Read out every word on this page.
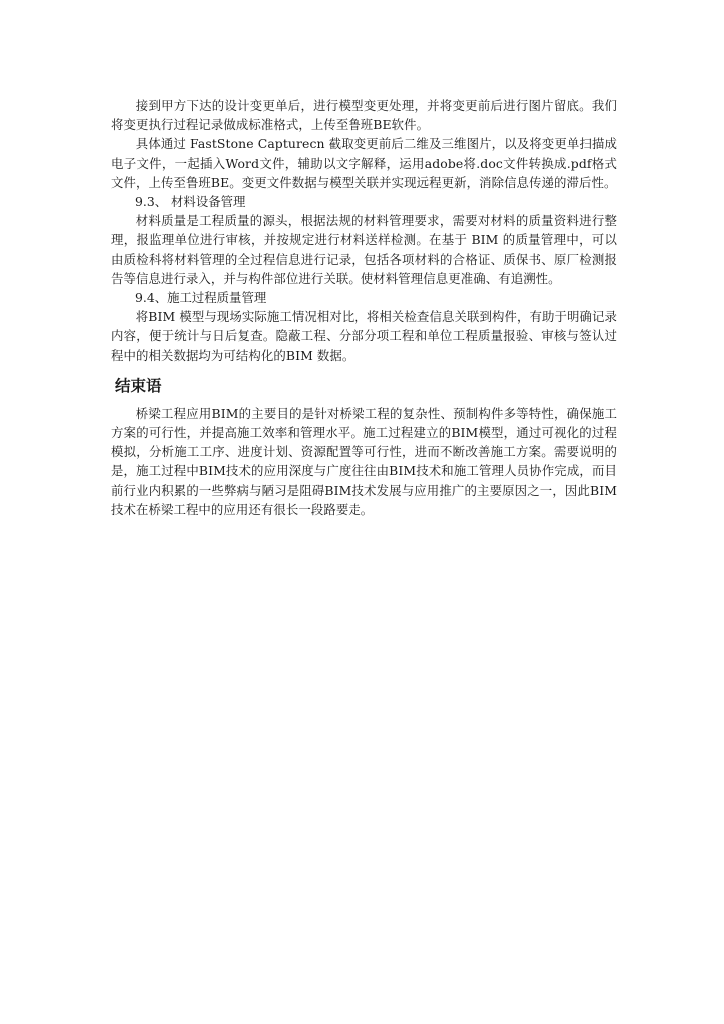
接到甲方下达的设计变更单后，进行模型变更处理，并将变更前后进行图片留底。我们将变更执行过程记录做成标准格式，上传至鲁班BE软件。

具体通过 FastStone Capturecn 截取变更前后二维及三维图片，以及将变更单扫描成电子文件，一起插入Word文件，辅助以文字解释，运用adobe将.doc文件转换成.pdf格式文件，上传至鲁班BE。变更文件数据与模型关联并实现远程更新，消除信息传递的滞后性。

9.3、 材料设备管理

材料质量是工程质量的源头，根据法规的材料管理要求，需要对材料的质量资料进行整理，报监理单位进行审核，并按规定进行材料送样检测。在基于 BIM 的质量管理中，可以由质检科将材料管理的全过程信息进行记录，包括各项材料的合格证、质保书、原厂检测报告等信息进行录入，并与构件部位进行关联。使材料管理信息更准确、有追溯性。

9.4、施工过程质量管理

将BIM 模型与现场实际施工情况相对比，将相关检查信息关联到构件，有助于明确记录内容，便于统计与日后复查。隐蔽工程、分部分项工程和单位工程质量报验、审核与签认过程中的相关数据均为可结构化的BIM 数据。

结束语

桥梁工程应用BIM的主要目的是针对桥梁工程的复杂性、预制构件多等特性，确保施工方案的可行性，并提高施工效率和管理水平。施工过程建立的BIM模型，通过可视化的过程模拟，分析施工工序、进度计划、资源配置等可行性，进而不断改善施工方案。需要说明的是，施工过程中BIM技术的应用深度与广度往往由BIM技术和施工管理人员协作完成，而目前行业内积累的一些弊病与陋习是阻碍BIM技术发展与应用推广的主要原因之一，因此BIM 技术在桥梁工程中的应用还有很长一段路要走。
